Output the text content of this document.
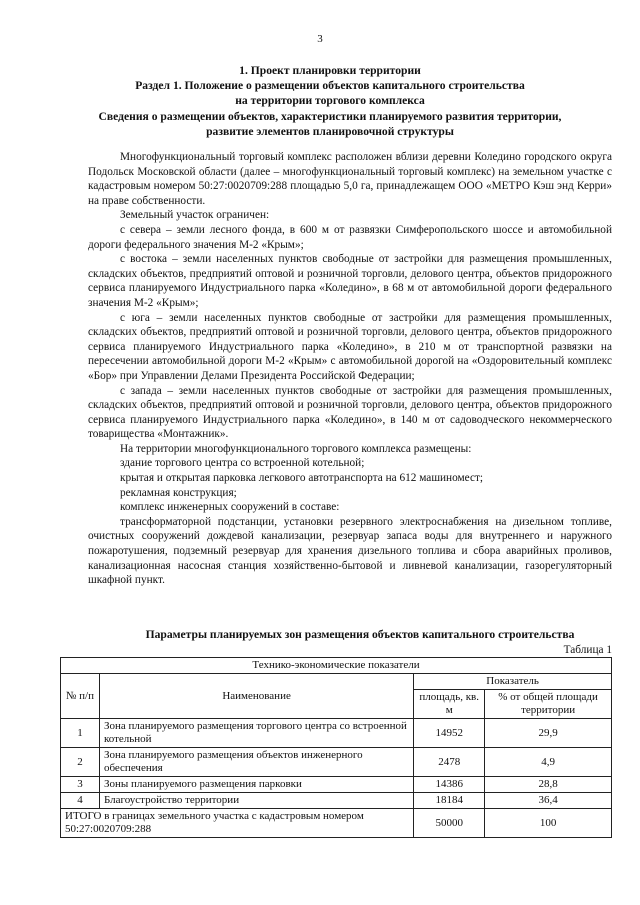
3
1. Проект планировки территории
Раздел 1. Положение о размещении объектов капитального строительства
на территории торгового комплекса
Сведения о размещении объектов, характеристики планируемого развития территории,
развитие элементов планировочной структуры

Многофункциональный торговый комплекс расположен вблизи деревни Коледино городского округа Подольск Московской области (далее – многофункциональный торговый комплекс) на земельном участке с кадастровым номером 50:27:0020709:288 площадью 5,0 га, принадлежащем ООО «МЕТРО Кэш энд Керри» на праве собственности.

Земельный участок ограничен:

с севера – земли лесного фонда, в 600 м от развязки Симферопольского шоссе и автомобильной дороги федерального значения М-2 «Крым»;

с востока – земли населенных пунктов свободные от застройки для размещения промышленных, складских объектов, предприятий оптовой и розничной торговли, делового центра, объектов придорожного сервиса планируемого Индустриального парка «Коледино», в 68 м от автомобильной дороги федерального значения М-2 «Крым»;

с юга – земли населенных пунктов свободные от застройки для размещения промышленных, складских объектов, предприятий оптовой и розничной торговли, делового центра, объектов придорожного сервиса планируемого Индустриального парка «Коледино», в 210 м от транспортной развязки на пересечении автомобильной дороги М-2 «Крым» с автомобильной дорогой на «Оздоровительный комплекс «Бор» при Управлении Делами Президента Российской Федерации;

с запада – земли населенных пунктов свободные от застройки для размещения промышленных, складских объектов, предприятий оптовой и розничной торговли, делового центра, объектов придорожного сервиса планируемого Индустриального парка «Коледино», в 140 м от садоводческого некоммерческого товарищества «Монтажник».

На территории многофункционального торгового комплекса размещены:

здание торгового центра со встроенной котельной;

крытая и открытая парковка легкового автотранспорта на 612 машиномест;

рекламная конструкция;

комплекс инженерных сооружений в составе:

трансформаторной подстанции, установки резервного электроснабжения на дизельном топливе, очистных сооружений дождевой канализации, резервуар запаса воды для внутреннего и наружного пожаротушения, подземный резервуар для хранения дизельного топлива и сбора аварийных проливов, канализационная насосная станция хозяйственно-бытовой и ливневой канализации, газорегуляторный шкафной пункт.

Параметры планируемых зон размещения объектов капитального строительства
Таблица 1
Технико-экономические показатели			
№ п/п	Наименование	Показатель	
		площадь, кв. м	% от общей площади территории
1	Зона планируемого размещения торгового центра со встроенной котельной	14952	29,9
2	Зона планируемого размещения объектов инженерного обеспечения	2478	4,9
3	Зоны планируемого размещения парковки	14386	28,8
4	Благоустройство территории	18184	36,4
ИТОГО в границах земельного участка с кадастровым номером 50:27:0020709:288		50000	100
